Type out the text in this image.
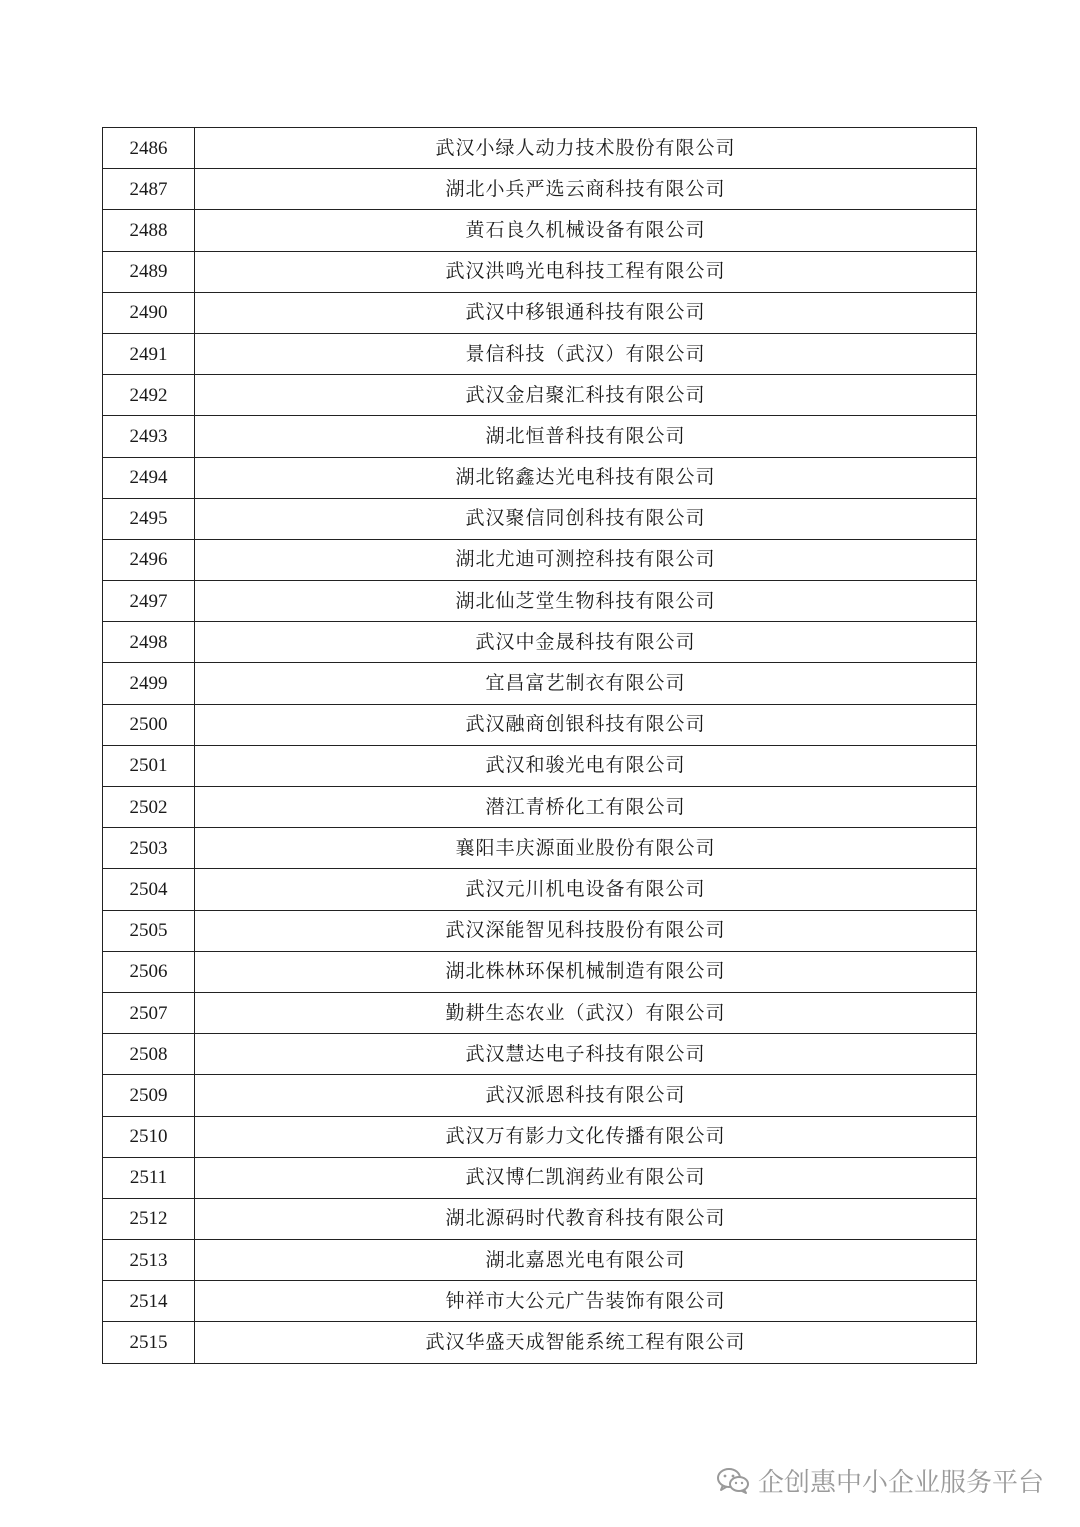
2486	武汉小绿人动力技术股份有限公司
2487	湖北小兵严选云商科技有限公司
2488	黄石良久机械设备有限公司
2489	武汉洪鸣光电科技工程有限公司
2490	武汉中移银通科技有限公司
2491	景信科技（武汉）有限公司
2492	武汉金启聚汇科技有限公司
2493	湖北恒普科技有限公司
2494	湖北铭鑫达光电科技有限公司
2495	武汉聚信同创科技有限公司
2496	湖北尤迪可测控科技有限公司
2497	湖北仙芝堂生物科技有限公司
2498	武汉中金晟科技有限公司
2499	宜昌富艺制衣有限公司
2500	武汉融商创银科技有限公司
2501	武汉和骏光电有限公司
2502	潜江青桥化工有限公司
2503	襄阳丰庆源面业股份有限公司
2504	武汉元川机电设备有限公司
2505	武汉深能智见科技股份有限公司
2506	湖北株林环保机械制造有限公司
2507	勤耕生态农业（武汉）有限公司
2508	武汉慧达电子科技有限公司
2509	武汉派恩科技有限公司
2510	武汉万有影力文化传播有限公司
2511	武汉博仁凯润药业有限公司
2512	湖北源码时代教育科技有限公司
2513	湖北嘉恩光电有限公司
2514	钟祥市大公元广告装饰有限公司
2515	武汉华盛天成智能系统工程有限公司
企创惠中小企业服务平台
